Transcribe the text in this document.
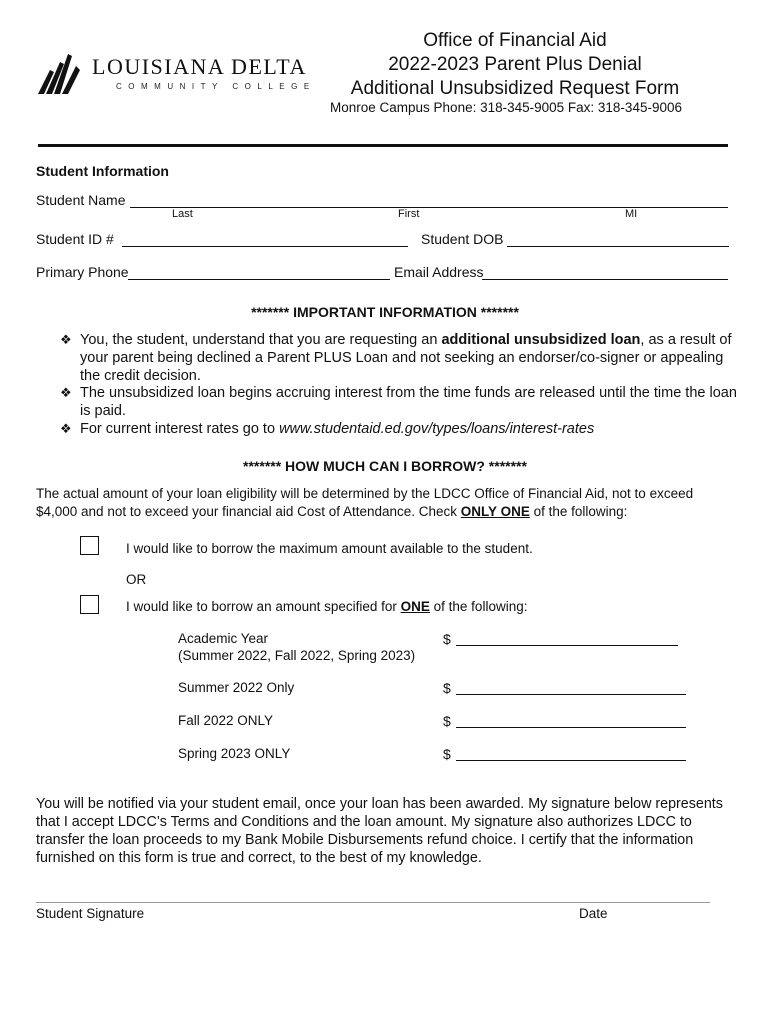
LOUISIANA DELTA
COMMUNITY COLLEGE
Office of Financial Aid
2022-2023 Parent Plus Denial
Additional Unsubsidized Request Form
Monroe Campus Phone: 318-345-9005 Fax: 318-345-9006
Student Information
Student Name
Last	First	MI
Student ID #	Student DOB
Primary Phone	Email Address
******* IMPORTANT INFORMATION *******
❖ You, the student, understand that you are requesting an additional unsubsidized loan, as a result of your parent being declined a Parent PLUS Loan and not seeking an endorser/co-signer or appealing the credit decision.
❖ The unsubsidized loan begins accruing interest from the time funds are released until the time the loan is paid.
❖ For current interest rates go to www.studentaid.ed.gov/types/loans/interest-rates
******* HOW MUCH CAN I BORROW? *******
The actual amount of your loan eligibility will be determined by the LDCC Office of Financial Aid, not to exceed $4,000 and not to exceed your financial aid Cost of Attendance. Check ONLY ONE of the following:
I would like to borrow the maximum amount available to the student.
OR
I would like to borrow an amount specified for ONE of the following:
Academic Year
(Summer 2022, Fall 2022, Spring 2023)
$
Summer 2022 Only	$
Fall 2022 ONLY	$
Spring 2023 ONLY	$
You will be notified via your student email, once your loan has been awarded. My signature below represents that I accept LDCC’s Terms and Conditions and the loan amount. My signature also authorizes LDCC to transfer the loan proceeds to my Bank Mobile Disbursements refund choice. I certify that the information furnished on this form is true and correct, to the best of my knowledge.
Student Signature	Date
